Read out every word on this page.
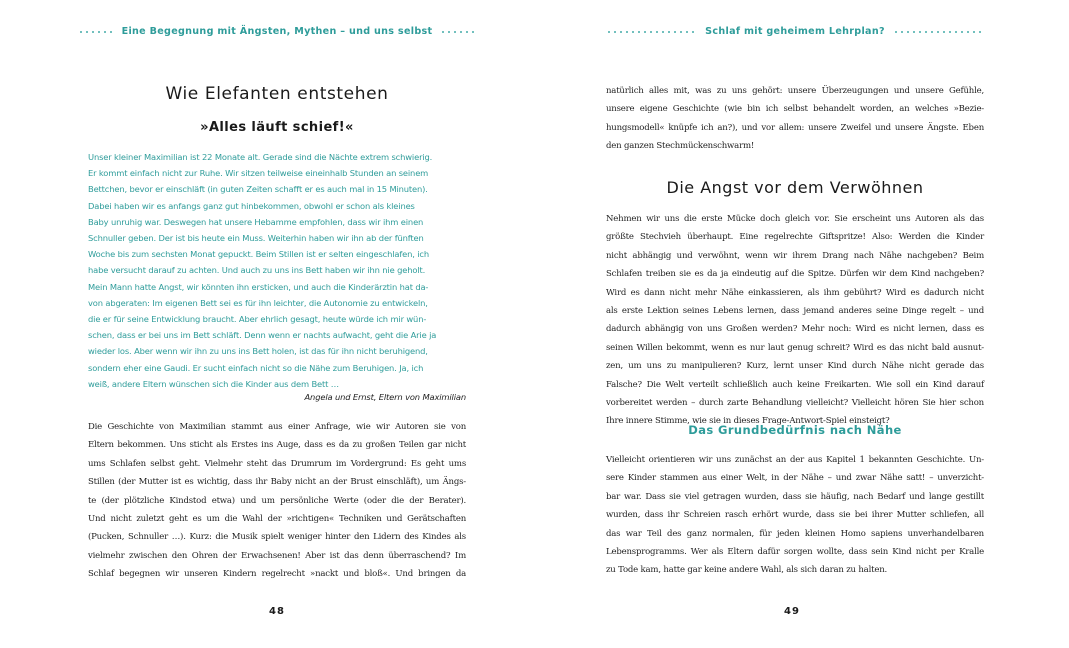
Eine Begegnung mit Ängsten, Mythen – und uns selbst
Wie Elefanten entstehen
»Alles läuft schief!«
Unser kleiner Maximilian ist 22 Monate alt. Gerade sind die Nächte extrem schwierig.
Er kommt einfach nicht zur Ruhe. Wir sitzen teilweise eineinhalb Stunden an seinem
Bettchen, bevor er einschläft (in guten Zeiten schafft er es auch mal in 15 Minuten).
Dabei haben wir es anfangs ganz gut hinbekommen, obwohl er schon als kleines
Baby unruhig war. Deswegen hat unsere Hebamme empfohlen, dass wir ihm einen
Schnuller geben. Der ist bis heute ein Muss. Weiterhin haben wir ihn ab der fünften
Woche bis zum sechsten Monat gepuckt. Beim Stillen ist er selten eingeschlafen, ich
habe versucht darauf zu achten. Und auch zu uns ins Bett haben wir ihn nie geholt.
Mein Mann hatte Angst, wir könnten ihn ersticken, und auch die Kinderärztin hat da-
von abgeraten: Im eigenen Bett sei es für ihn leichter, die Autonomie zu entwickeln,
die er für seine Entwicklung braucht. Aber ehrlich gesagt, heute würde ich mir wün-
schen, dass er bei uns im Bett schläft. Denn wenn er nachts aufwacht, geht die Arie ja
wieder los. Aber wenn wir ihn zu uns ins Bett holen, ist das für ihn nicht beruhigend,
sondern eher eine Gaudi. Er sucht einfach nicht so die Nähe zum Beruhigen. Ja, ich
weiß, andere Eltern wünschen sich die Kinder aus dem Bett …
Angela und Ernst, Eltern von Maximilian
Die Geschichte von Maximilian stammt aus einer Anfrage, wie wir Autoren sie von
Eltern bekommen. Uns sticht als Erstes ins Auge, dass es da zu großen Teilen gar nicht
ums Schlafen selbst geht. Vielmehr steht das Drumrum im Vordergrund: Es geht ums
Stillen (der Mutter ist es wichtig, dass ihr Baby nicht an der Brust einschläft), um Ängs-
te (der plötzliche Kindstod etwa) und um persönliche Werte (oder die der Berater).
Und nicht zuletzt geht es um die Wahl der »richtigen« Techniken und Gerätschaften
(Pucken, Schnuller …). Kurz: die Musik spielt weniger hinter den Lidern des Kindes als
vielmehr zwischen den Ohren der Erwachsenen! Aber ist das denn überraschend? Im
Schlaf begegnen wir unseren Kindern regelrecht »nackt und bloß«. Und bringen da
48
Schlaf mit geheimem Lehrplan?
natürlich alles mit, was zu uns gehört: unsere Überzeugungen und unsere Gefühle,
unsere eigene Geschichte (wie bin ich selbst behandelt worden, an welches »Bezie-
hungsmodell« knüpfe ich an?), und vor allem: unsere Zweifel und unsere Ängste. Eben
den ganzen Stechmückenschwarm!
Die Angst vor dem Verwöhnen
Nehmen wir uns die erste Mücke doch gleich vor. Sie erscheint uns Autoren als das
größte Stechvieh überhaupt. Eine regelrechte Giftspritze! Also: Werden die Kinder
nicht abhängig und verwöhnt, wenn wir ihrem Drang nach Nähe nachgeben? Beim
Schlafen treiben sie es da ja eindeutig auf die Spitze. Dürfen wir dem Kind nachgeben?
Wird es dann nicht mehr Nähe einkassieren, als ihm gebührt? Wird es dadurch nicht
als erste Lektion seines Lebens lernen, dass jemand anderes seine Dinge regelt – und
dadurch abhängig von uns Großen werden? Mehr noch: Wird es nicht lernen, dass es
seinen Willen bekommt, wenn es nur laut genug schreit? Wird es das nicht bald ausnut-
zen, um uns zu manipulieren? Kurz, lernt unser Kind durch Nähe nicht gerade das
Falsche? Die Welt verteilt schließlich auch keine Freikarten. Wie soll ein Kind darauf
vorbereitet werden – durch zarte Behandlung vielleicht? Vielleicht hören Sie hier schon
Ihre innere Stimme, wie sie in dieses Frage-Antwort-Spiel einsteigt?
Das Grundbedürfnis nach Nähe
Vielleicht orientieren wir uns zunächst an der aus Kapitel 1 bekannten Geschichte. Un-
sere Kinder stammen aus einer Welt, in der Nähe – und zwar Nähe satt! – unverzicht-
bar war. Dass sie viel getragen wurden, dass sie häufig, nach Bedarf und lange gestillt
wurden, dass ihr Schreien rasch erhört wurde, dass sie bei ihrer Mutter schliefen, all
das war Teil des ganz normalen, für jeden kleinen Homo sapiens unverhandelbaren
Lebensprogramms. Wer als Eltern dafür sorgen wollte, dass sein Kind nicht per Kralle
zu Tode kam, hatte gar keine andere Wahl, als sich daran zu halten.
49
